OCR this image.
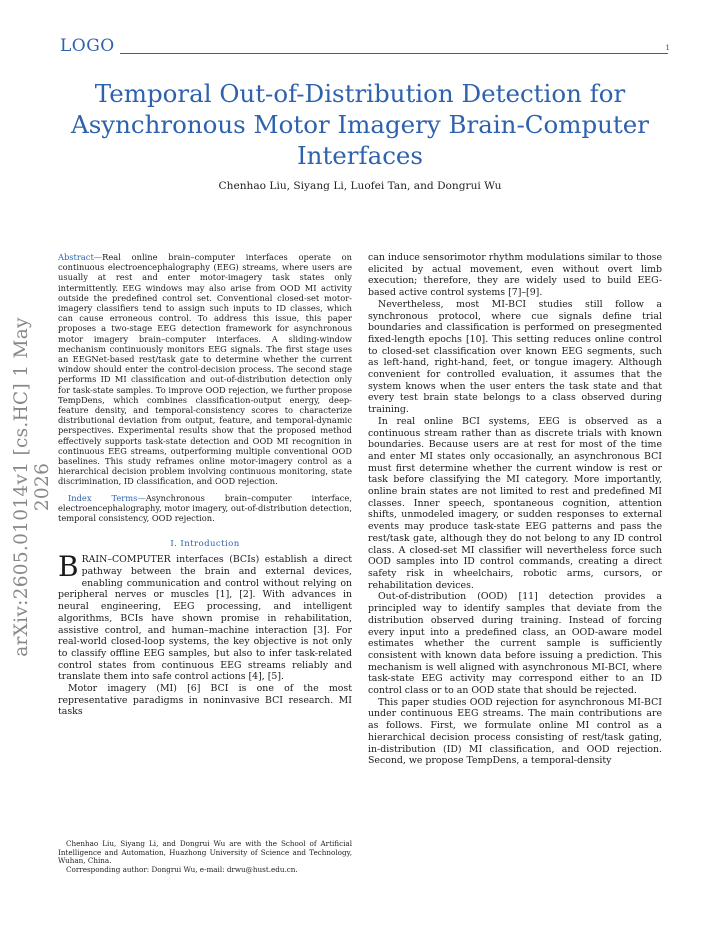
LOGO	1
Temporal Out-of-Distribution Detection for Asynchronous Motor Imagery Brain-Computer Interfaces
Chenhao Liu, Siyang Li, Luofei Tan, and Dongrui Wu
arXiv:2605.01014v1 [cs.HC] 1 May 2026

Abstract—Real online brain–computer interfaces operate on continuous electroencephalography (EEG) streams, where users are usually at rest and enter motor-imagery task states only intermittently. EEG windows may also arise from OOD MI activity outside the predefined control set. Conventional closed-set motor-imagery classifiers tend to assign such inputs to ID classes, which can cause erroneous control. To address this issue, this paper proposes a two-stage EEG detection framework for asynchronous motor imagery brain–computer interfaces. A sliding-window mechanism continuously monitors EEG signals. The first stage uses an EEGNet-based rest/task gate to determine whether the current window should enter the control-decision process. The second stage performs ID MI classification and out-of-distribution detection only for task-state samples. To improve OOD rejection, we further propose TempDens, which combines classification-output energy, deep-feature density, and temporal-consistency scores to characterize distributional deviation from output, feature, and temporal-dynamic perspectives. Experimental results show that the proposed method effectively supports task-state detection and OOD MI recognition in continuous EEG streams, outperforming multiple conventional OOD baselines. This study reframes online motor-imagery control as a hierarchical decision problem involving continuous monitoring, state discrimination, ID classification, and OOD rejection.

Index Terms—Asynchronous brain–computer interface, electroencephalography, motor imagery, out-of-distribution detection, temporal consistency, OOD rejection.

I. Introduction

BRAIN–COMPUTER interfaces (BCIs) establish a direct pathway between the brain and external devices, enabling communication and control without relying on peripheral nerves or muscles [1], [2]. With advances in neural engineering, EEG processing, and intelligent algorithms, BCIs have shown promise in rehabilitation, assistive control, and human–machine interaction [3]. For real-world closed-loop systems, the key objective is not only to classify offline EEG samples, but also to infer task-related control states from continuous EEG streams reliably and translate them into safe control actions [4], [5].

Motor imagery (MI) [6] BCI is one of the most representative paradigms in noninvasive BCI research. MI tasks

Chenhao Liu, Siyang Li, and Dongrui Wu are with the School of Artificial Intelligence and Automation, Huazhong University of Science and Technology, Wuhan, China.

Corresponding author: Dongrui Wu, e-mail: drwu@hust.edu.cn.

can induce sensorimotor rhythm modulations similar to those elicited by actual movement, even without overt limb execution; therefore, they are widely used to build EEG-based active control systems [7]–[9].

Nevertheless, most MI-BCI studies still follow a synchronous protocol, where cue signals define trial boundaries and classification is performed on presegmented fixed-length epochs [10]. This setting reduces online control to closed-set classification over known EEG segments, such as left-hand, right-hand, feet, or tongue imagery. Although convenient for controlled evaluation, it assumes that the system knows when the user enters the task state and that every test brain state belongs to a class observed during training.

In real online BCI systems, EEG is observed as a continuous stream rather than as discrete trials with known boundaries. Because users are at rest for most of the time and enter MI states only occasionally, an asynchronous BCI must first determine whether the current window is rest or task before classifying the MI category. More importantly, online brain states are not limited to rest and predefined MI classes. Inner speech, spontaneous cognition, attention shifts, unmodeled imagery, or sudden responses to external events may produce task-state EEG patterns and pass the rest/task gate, although they do not belong to any ID control class. A closed-set MI classifier will nevertheless force such OOD samples into ID control commands, creating a direct safety risk in wheelchairs, robotic arms, cursors, or rehabilitation devices.

Out-of-distribution (OOD) [11] detection provides a principled way to identify samples that deviate from the distribution observed during training. Instead of forcing every input into a predefined class, an OOD-aware model estimates whether the current sample is sufficiently consistent with known data before issuing a prediction. This mechanism is well aligned with asynchronous MI-BCI, where task-state EEG activity may correspond either to an ID control class or to an OOD state that should be rejected.

This paper studies OOD rejection for asynchronous MI-BCI under continuous EEG streams. The main contributions are as follows. First, we formulate online MI control as a hierarchical decision process consisting of rest/task gating, in-distribution (ID) MI classification, and OOD rejection. Second, we propose TempDens, a temporal-density
